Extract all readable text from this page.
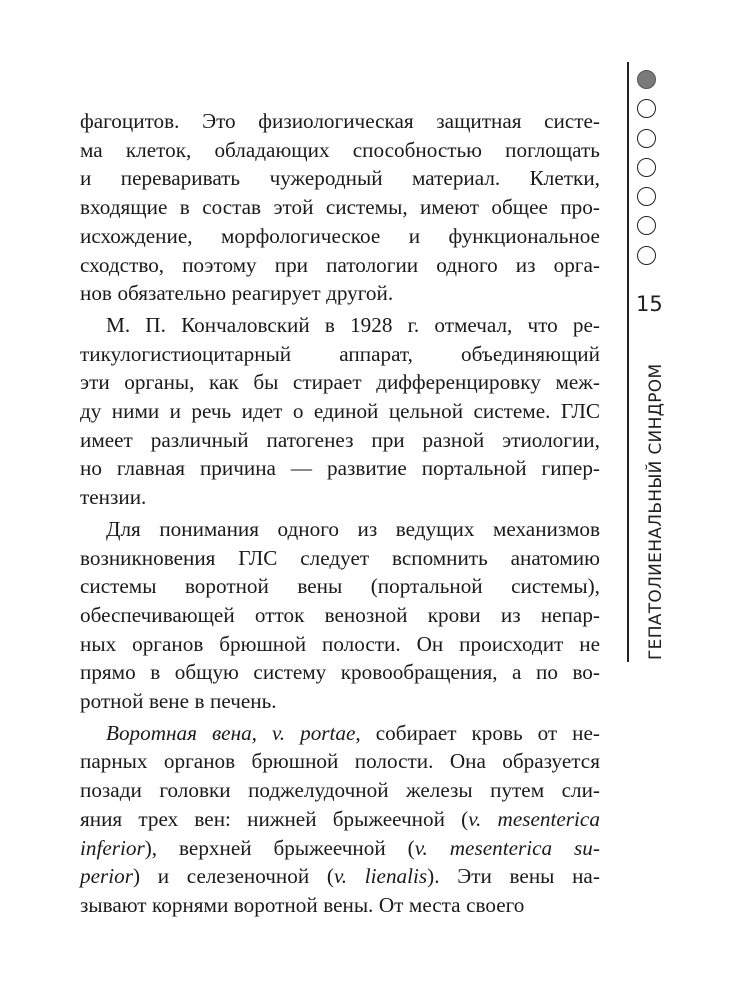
фагоцитов. Это физиологическая защитная систе-
ма клеток, обладающих способностью поглощать
и переваривать чужеродный материал. Клетки,
входящие в состав этой системы, имеют общее про-
исхождение, морфологическое и функциональное
сходство, поэтому при патологии одного из орга-
нов обязательно реагирует другой.
М. П. Кончаловский в 1928 г. отмечал, что ре-
тикулогистиоцитарный аппарат, объединяющий
эти органы, как бы стирает дифференцировку меж-
ду ними и речь идет о единой цельной системе. ГЛС
имеет различный патогенез при разной этиологии,
но главная причина — развитие портальной гипер-
тензии.
Для понимания одного из ведущих механизмов
возникновения ГЛС следует вспомнить анатомию
системы воротной вены (портальной системы),
обеспечивающей отток венозной крови из непар-
ных органов брюшной полости. Он происходит не
прямо в общую систему кровообращения, а по во-
ротной вене в печень.
Воротная вена, v. portae, собирает кровь от не-
парных органов брюшной полости. Она образуется
позади головки поджелудочной железы путем сли-
яния трех вен: нижней брыжеечной (v. mesenterica
inferior), верхней брыжеечной (v. mesenterica su-
perior) и селезеночной (v. lienalis). Эти вены на-
зывают корнями воротной вены. От места своего
15
ГЕПАТОЛИЕНАЛЬНЫЙ СИНДРОМ
